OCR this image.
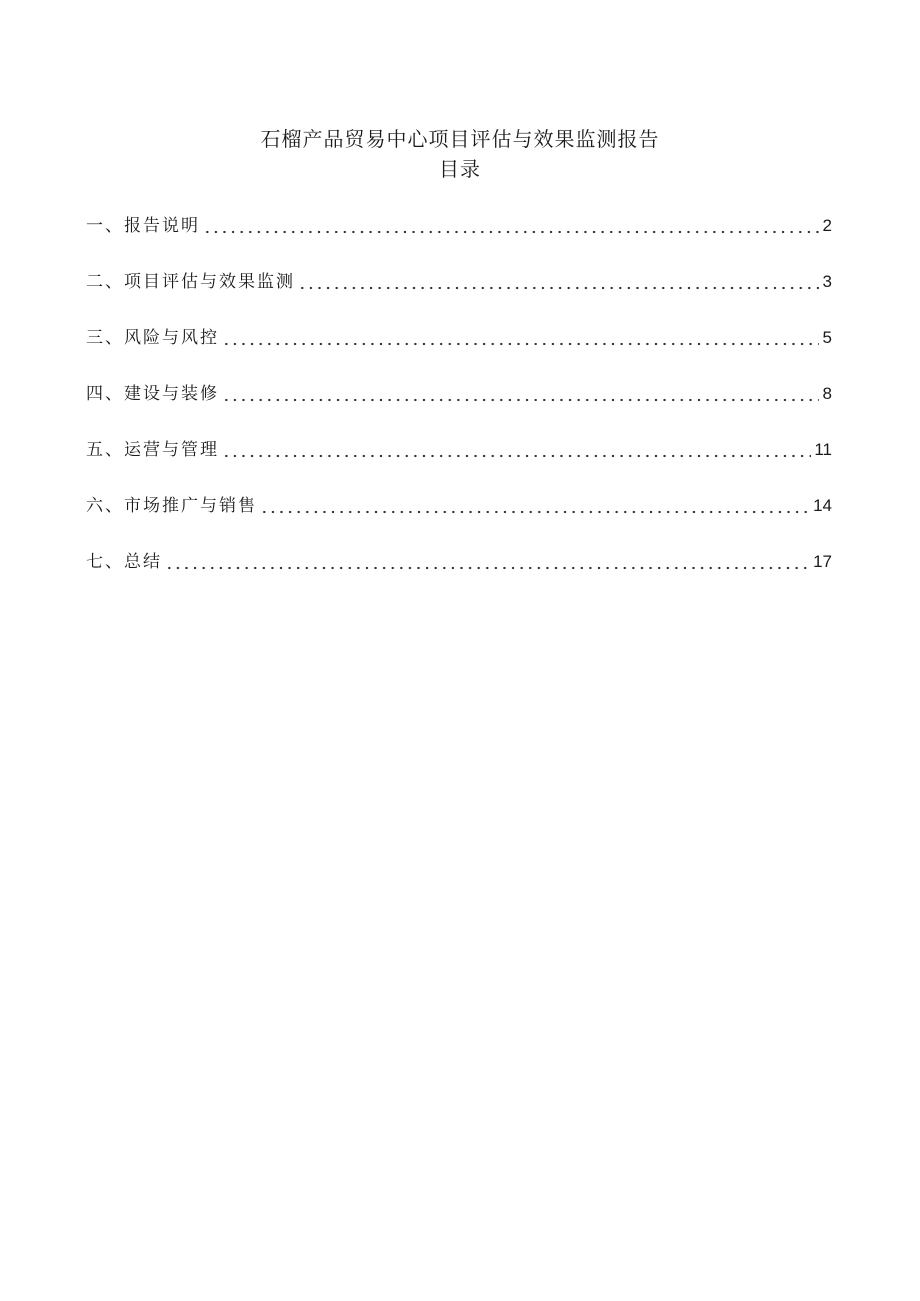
石榴产品贸易中心项目评估与效果监测报告
目录
一、报告说明	2
二、项目评估与效果监测	3
三、风险与风控	5
四、建设与装修	8
五、运营与管理	11
六、市场推广与销售	14
七、总结	17
